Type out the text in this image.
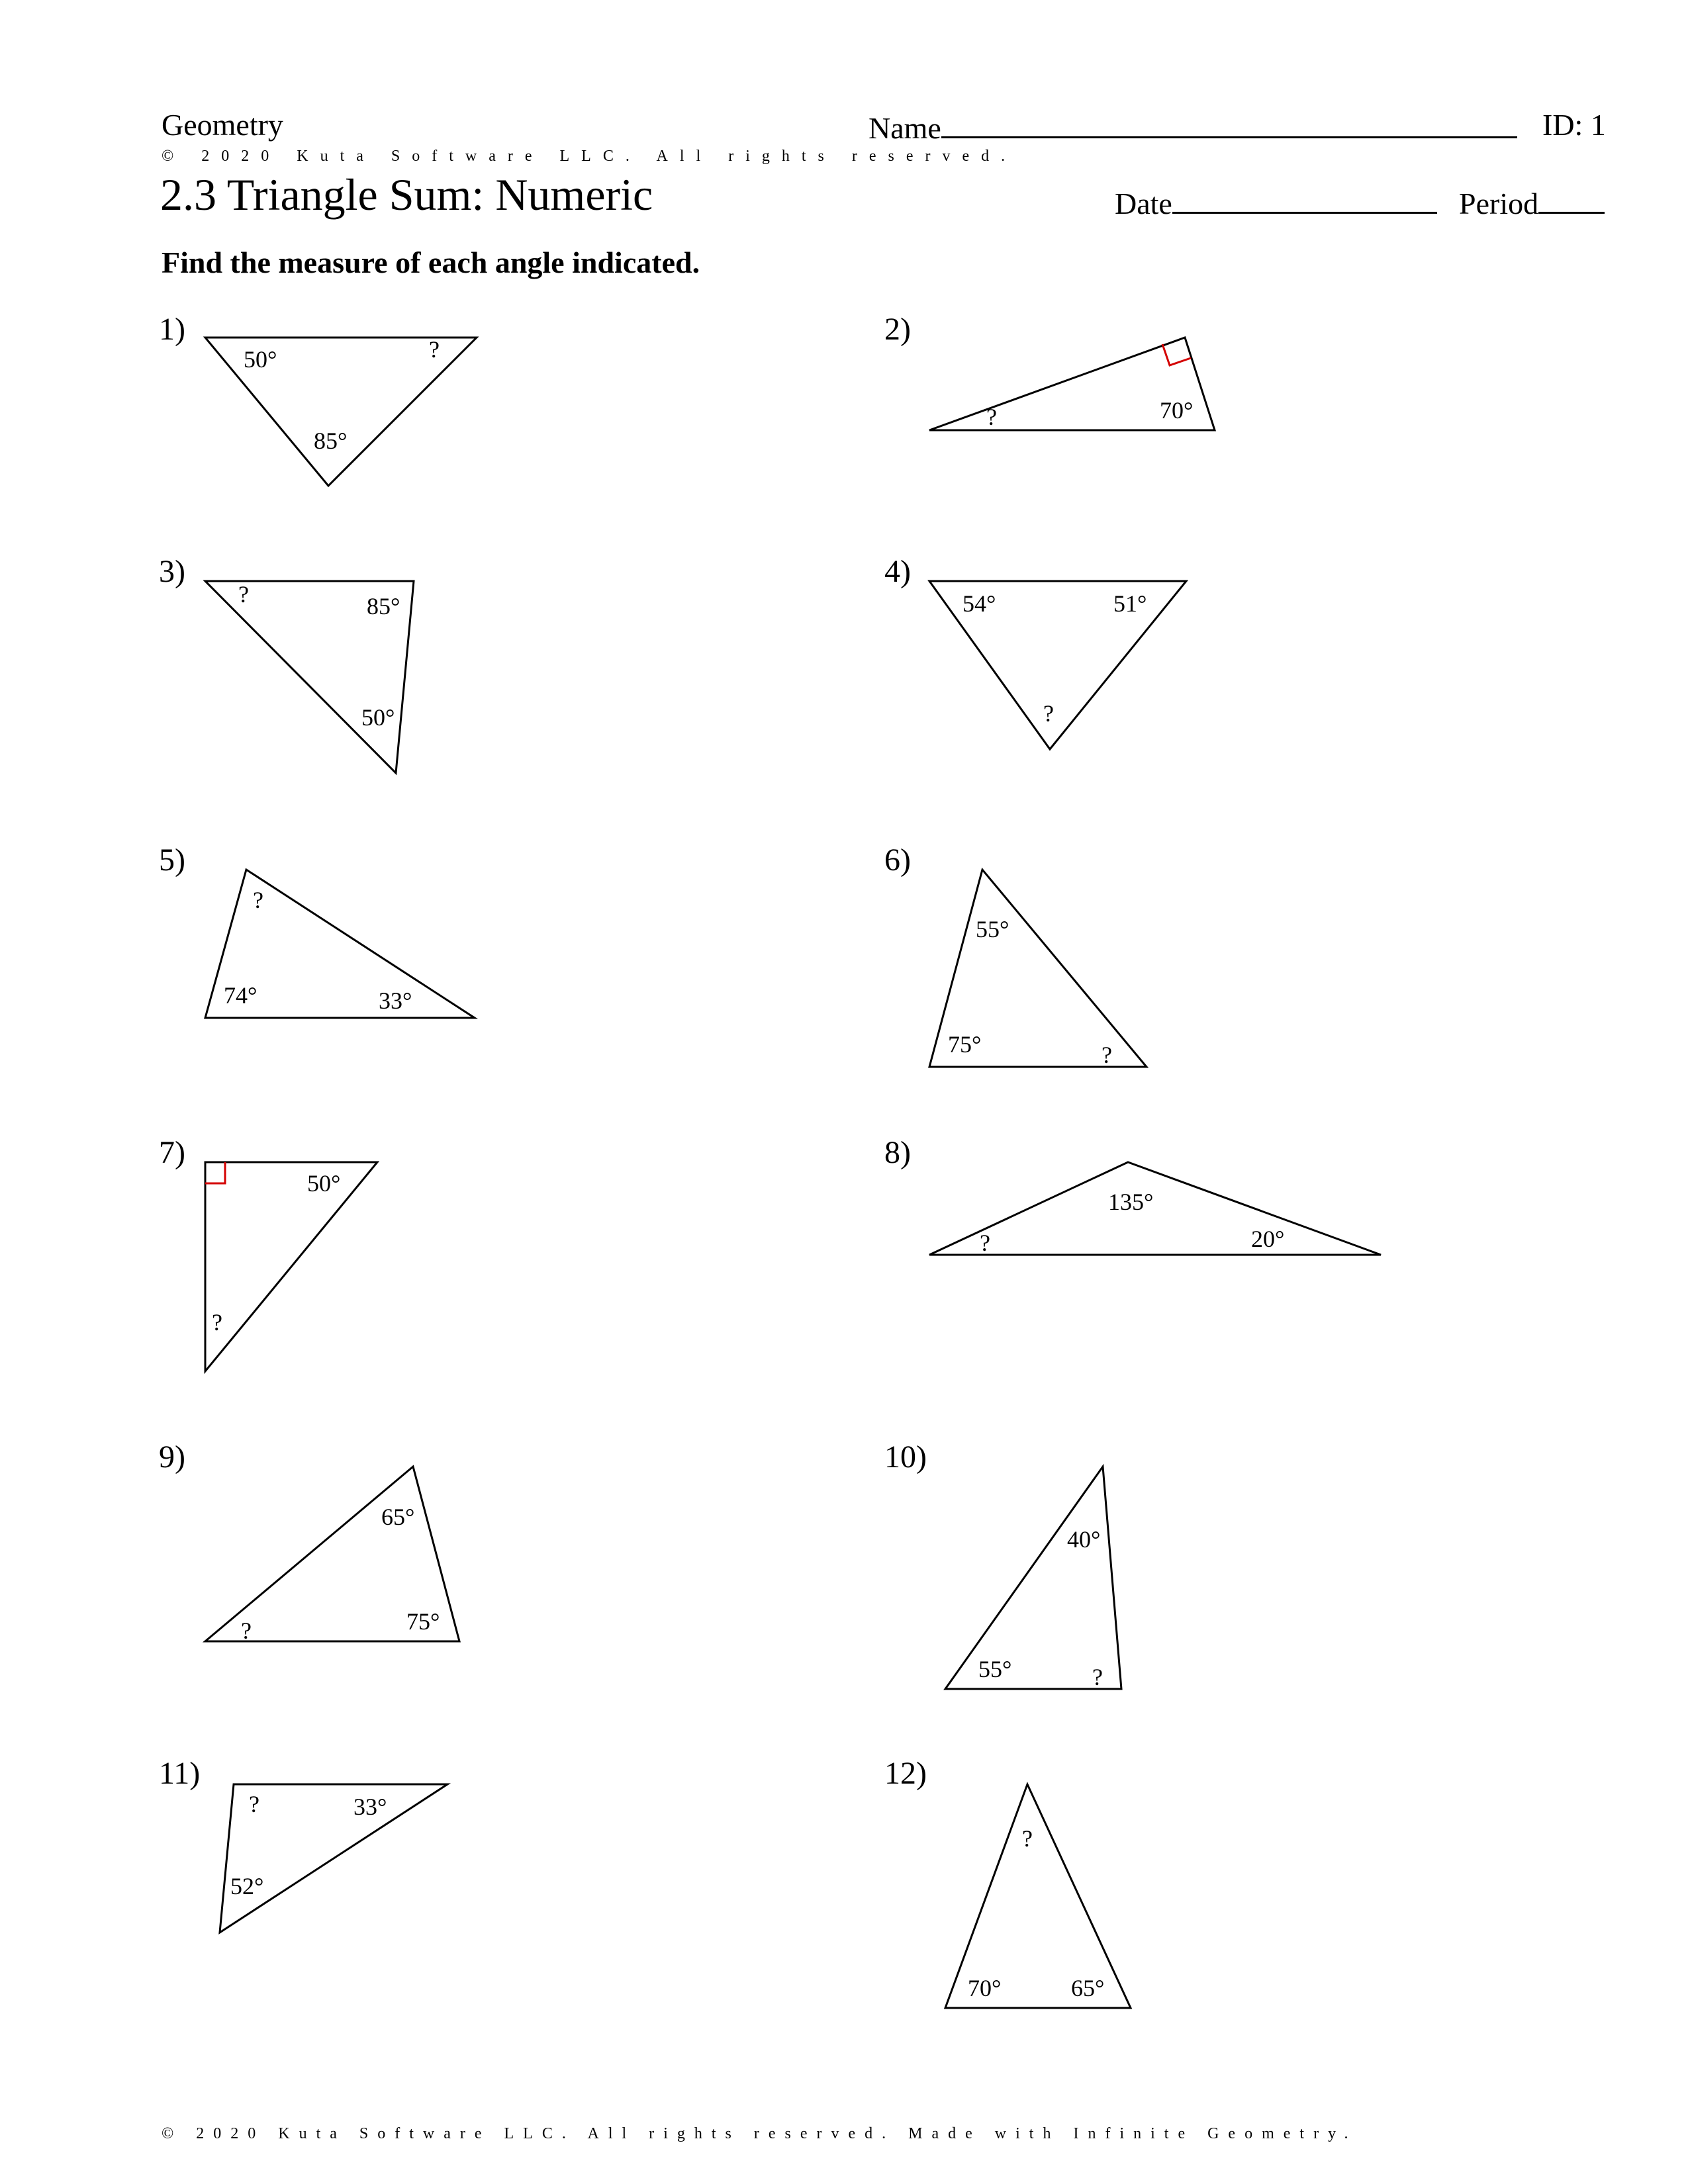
Geometry	Name	ID: 1
© 2020 Kuta Software LLC. All rights reserved.
2.3 Triangle Sum: Numeric	Date	Period
Find the measure of each angle indicated.
1)	2)
3)	4)
5)	6)
7)	8)
9)	10)
11)	12)
50°	?
85°
?	70°
?	85°
50°
54°	51°
?
?
74°	33°
55°
75°	?
50°
?
135°
?	20°
65°
?	75°
40°
55°	?
?	33°
52°
?
70°	65°
© 2020 Kuta Software LLC. All rights reserved. Made with Infinite Geometry.
